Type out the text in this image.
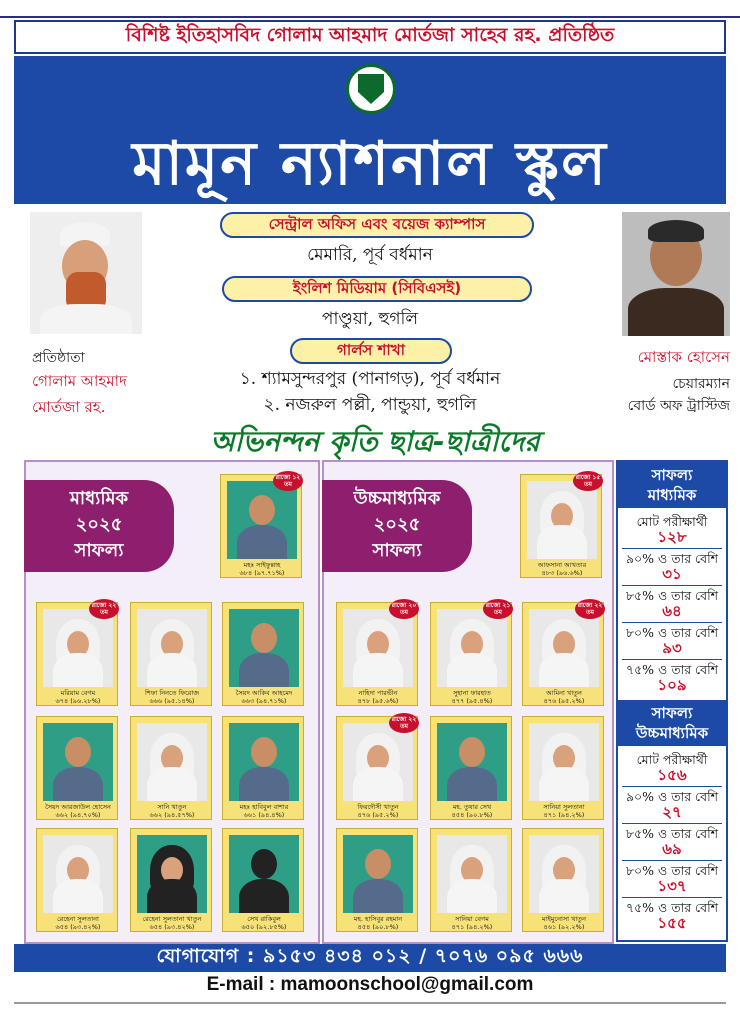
বিশিষ্ট ইতিহাসবিদ গোলাম আহমাদ মোর্তজা সাহেব রহ. প্রতিষ্ঠিত
মামূন ন্যাশনাল স্কুল
প্রতিষ্ঠাতা
গোলাম আহমাদ
মোর্তজা রহ.
মোস্তাক হোসেন
চেয়ারম্যান
বোর্ড অফ ট্রাস্টিজ
সেন্ট্রাল অফিস এবং বয়েজ ক্যাম্পাস
মেমারি, পূর্ব বর্ধমান
ইংলিশ মিডিয়াম (সিবিএসই)
পাণ্ডুয়া, হুগলি
গার্লস শাখা
১. শ্যামসুন্দরপুর (পানাগড়), পূর্ব বর্ধমান
২. নজরুল পল্লী, পান্ডুয়া, হুগলি
অভিনন্দন কৃতি ছাত্র-ছাত্রীদের
মাধ্যমিক
২০২৫
সাফল্য
মহঃ সাইফুল্লাহ
৬৮৪ (৯৭.৭১%)
রাজ্যে ১২ তম
মরিয়াম বেগম
৬৭৪ (৯৬.২৮%)
রাজ্যে ২২ তম
শিফা নিনতে ফিরোজ
৬৬৬ (৯৫.১৪%)
সৈয়দ আকিব আহমেদ
৬৬৩ (৯৪.৭১%)
সৈয়দ আরজাউল হোসেন
৬৬২ (৯৪.৭০%)
সানি খাতুন
৬৬২ (৯৪.৫৭%)
মহঃ হাবিবুল বাশার
৬৬১ (৯৪.৪%)
রেহেনা সুলতানা
৬৫৪ (৯৩.৪২%)
রেহেনা সুলতানা খাতুন
৬৫৪ (৯৩.৪২%)
সেখ রাকিবুল
৬৫০ (৯২.৮৫%)
উচ্চমাধ্যমিক
২০২৫
সাফল্য
আফসানা আখতার
৪৮৩ (৯৬.৬%)
রাজ্যে ১৫ তম
নাহিদা পারভীন
৪৭৮ (৯৫.৬%)
রাজ্যে ২০ তম
সুহানা ফারহাত
৪৭৭ (৯৫.৪%)
রাজ্যে ২১ তম
আমিনা খাতুন
৪৭৬ (৯৫.২%)
রাজ্যে ২২ তম
ফিরদৌসী খাতুন
৪৭৬ (৯৫.২%)
রাজ্যে ২২ তম
মহ. তুষার সেখ
৪৫৪ (৯০.৮%)
সানিয়া সুলতানা
৪৭১ (৯৪.২%)
মহ. হাসিবুর রহমান
৪৫৪ (৯০.৮%)
সানিয়া বেগম
৪৭১ (৯৪.২%)
মাইমুনোসা খাতুন
৪৬১ (৯২.২%)
সাফল্য
মাধ্যমিক
মোট পরীক্ষার্থী
১২৮
৯০% ও তার বেশি
৩১
৮৫% ও তার বেশি
৬৪
৮০% ও তার বেশি
৯৩
৭৫% ও তার বেশি
১০৯
সাফল্য
উচ্চমাধ্যমিক
মোট পরীক্ষার্থী
১৫৬
৯০% ও তার বেশি
২৭
৮৫% ও তার বেশি
৬৯
৮০% ও তার বেশি
১৩৭
৭৫% ও তার বেশি
১৫৫
যোগাযোগ : ৯১৫৩ ৪৩৪ ০১২ / ৭০৭৬ ০৯৫ ৬৬৬
E-mail : mamoonschool@gmail.com
